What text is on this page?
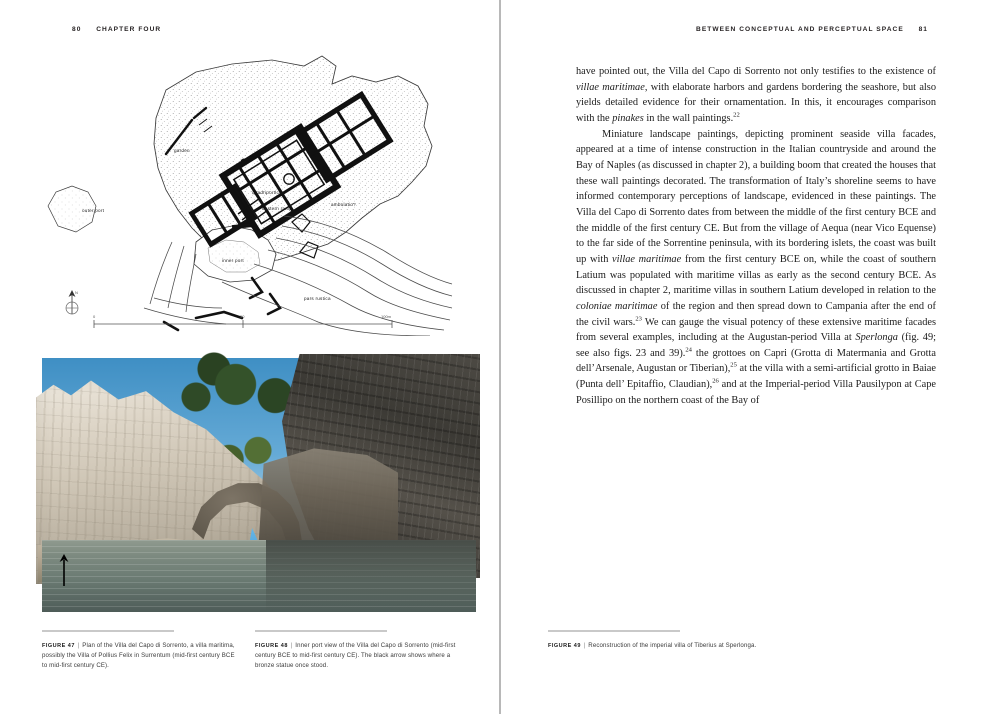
80 CHAPTER FOUR
garden
quadriporticus
eastern ramp
ambulatio?
inner port
outer port
pars rustica
N
0	50	100m
FIGURE 47 | Plan of the Villa del Capo di Sorrento, a villa maritima, possibly the Villa of Pollius Felix in Surrentum (mid-first century BCE to mid-first century CE).
FIGURE 48 | Inner port view of the Villa del Capo di Sorrento (mid-first century BCE to mid-first century CE). The black arrow shows where a bronze statue once stood.
BETWEEN CONCEPTUAL AND PERCEPTUAL SPACE 81

have pointed out, the Villa del Capo di Sorrento not only testifies to the existence of villae maritimae, with elaborate harbors and gardens bordering the seashore, but also yields detailed evidence for their ornamentation. In this, it encourages comparison with the pinakes in the wall paintings.$^{22}$

Miniature landscape paintings, depicting prominent seaside villa facades, appeared at a time of intense construction in the Italian countryside and around the Bay of Naples (as discussed in chapter 2), a building boom that created the houses that these wall paintings decorated. The transformation of Italy’s shoreline seems to have informed contemporary perceptions of landscape, evidenced in these paintings. The Villa del Capo di Sorrento dates from between the middle of the first century BCE and the middle of the first century CE. But from the village of Aequa (near Vico Equense) to the far side of the Sorrentine peninsula, with its bordering islets, the coast was built up with villae maritimae from the first century BCE on, while the coast of southern Latium was populated with maritime villas as early as the second century BCE. As discussed in chapter 2, maritime villas in southern Latium developed in relation to the coloniae maritimae of the region and then spread down to Campania after the end of the civil wars.$^{23}$ We can gauge the visual potency of these extensive maritime facades from several examples, including at the Augustan-period Villa at Sperlonga (fig. 49; see also figs. 23 and 39).$^{24}$ the grottoes on Capri (Grotta di Matermania and Grotta dell’Arsenale, Augustan or Tiberian),$^{25}$ at the villa with a semi-artificial grotto in Baiae (Punta dell’ Epitaffio, Claudian),$^{26}$ and at the Imperial-period Villa Pausilypon at Cape Posillipo on the northern coast of the Bay of

FIGURE 49 | Reconstruction of the imperial villa of Tiberius at Sperlonga.
